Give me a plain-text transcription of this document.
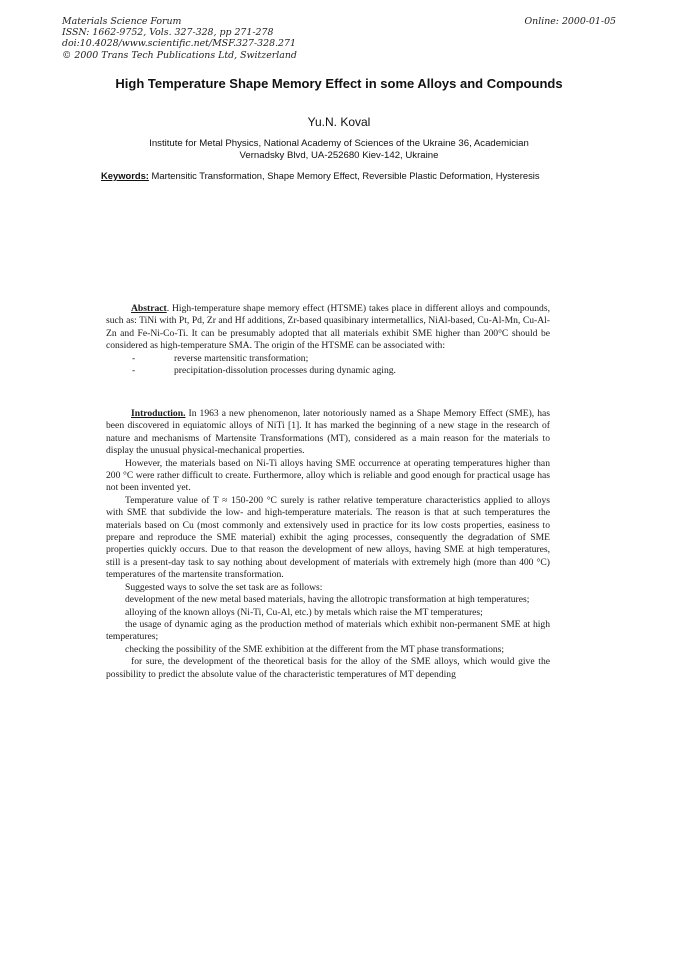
Materials Science Forum
ISSN: 1662-9752, Vols. 327-328, pp 271-278
doi:10.4028/www.scientific.net/MSF.327-328.271
© 2000 Trans Tech Publications Ltd, Switzerland
Online: 2000-01-05
High Temperature Shape Memory Effect in some Alloys and Compounds
Yu.N. Koval
Institute for Metal Physics, National Academy of Sciences of the Ukraine 36, Academician
Vernadsky Blvd, UA-252680 Kiev-142, Ukraine
Keywords: Martensitic Transformation, Shape Memory Effect, Reversible Plastic Deformation, Hysteresis

Abstract. High-temperature shape memory effect (HTSME) takes place in different alloys and compounds, such as: TiNi with Pt, Pd, Zr and Hf additions, Zr-based quasibinary intermetallics, NiAl-based, Cu-Al-Mn, Cu-Al-Zn and Fe-Ni-Co-Ti. It can be presumably adopted that all materials exhibit SME higher than 200°C should be considered as high-temperature SMA. The origin of the HTSME can be associated with:

-	reverse martensitic transformation;

-	precipitation-dissolution processes during dynamic aging.

Introduction. In 1963 a new phenomenon, later notoriously named as a Shape Memory Effect (SME), has been discovered in equiatomic alloys of NiTi [1]. It has marked the beginning of a new stage in the research of nature and mechanisms of Martensite Transformations (MT), considered as a main reason for the materials to display the unusual physical-mechanical properties.

However, the materials based on Ni-Ti alloys having SME occurrence at operating temperatures higher than 200 °C were rather difficult to create. Furthermore, alloy which is reliable and good enough for practical usage has not been invented yet.

Temperature value of T ≈ 150-200 °C surely is rather relative temperature characteristics applied to alloys with SME that subdivide the low- and high-temperature materials. The reason is that at such temperatures the materials based on Cu (most commonly and extensively used in practice for its low costs properties, easiness to prepare and reproduce the SME material) exhibit the aging processes, consequently the degradation of SME properties quickly occurs. Due to that reason the development of new alloys, having SME at high temperatures, still is a present-day task to say nothing about development of materials with extremely high (more than 400 °C) temperatures of the martensite transformation.

Suggested ways to solve the set task are as follows:

development of the new metal based materials, having the allotropic transformation at high temperatures;

alloying of the known alloys (Ni-Ti, Cu-Al, etc.) by metals which raise the MT temperatures;

the usage of dynamic aging as the production method of materials which exhibit non-permanent SME at high temperatures;

checking the possibility of the SME exhibition at the different from the MT phase transformations;

for sure, the development of the theoretical basis for the alloy of the SME alloys, which would give the possibility to predict the absolute value of the characteristic temperatures of MT depending
